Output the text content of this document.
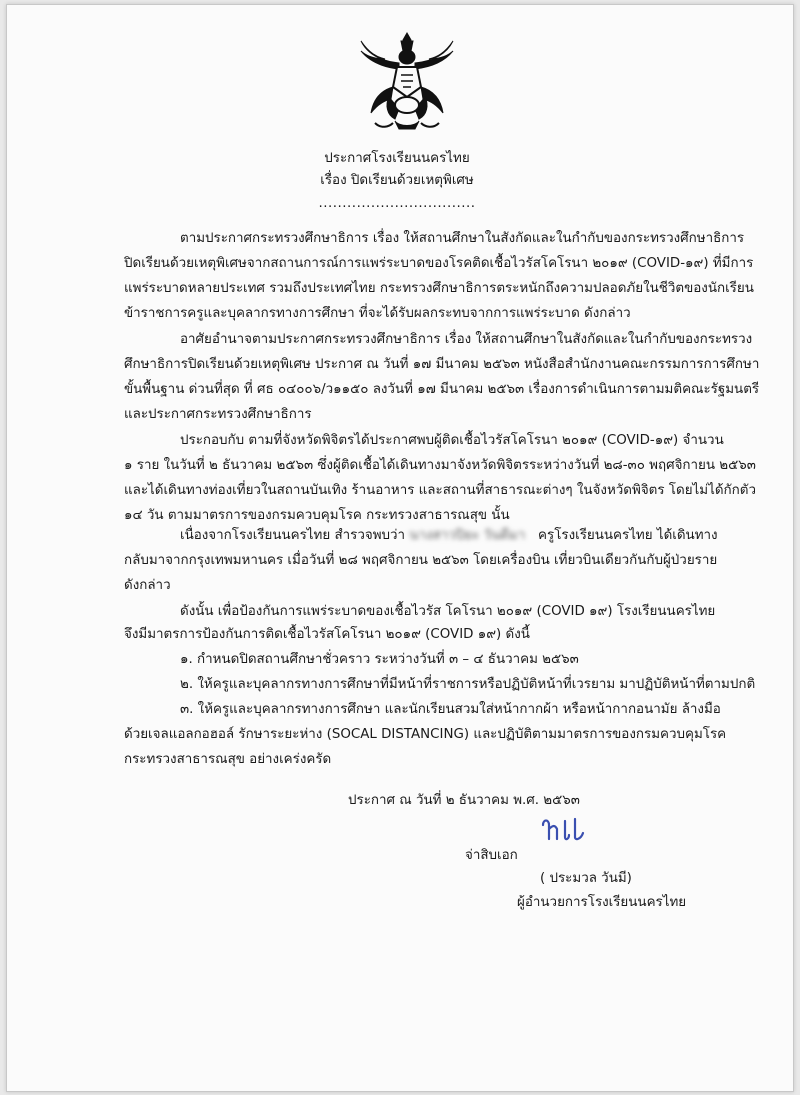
ประกาศโรงเรียนนครไทย
เรื่อง ปิดเรียนด้วยเหตุพิเศษ
.................................
ตามประกาศกระทรวงศึกษาธิการ เรื่อง ให้สถานศึกษาในสังกัดและในกำกับของกระทรวงศึกษาธิการ
ปิดเรียนด้วยเหตุพิเศษจากสถานการณ์การแพร่ระบาดของโรคติดเชื้อไวรัสโคโรนา ๒๐๑๙ (COVID-๑๙) ที่มีการ
แพร่ระบาดหลายประเทศ รวมถึงประเทศไทย กระทรวงศึกษาธิการตระหนักถึงความปลอดภัยในชีวิตของนักเรียน
ข้าราชการครูและบุคลากรทางการศึกษา ที่จะได้รับผลกระทบจากการแพร่ระบาด ดังกล่าว
อาศัยอำนาจตามประกาศกระทรวงศึกษาธิการ เรื่อง ให้สถานศึกษาในสังกัดและในกำกับของกระทรวง
ศึกษาธิการปิดเรียนด้วยเหตุพิเศษ ประกาศ ณ วันที่ ๑๗ มีนาคม ๒๕๖๓ หนังสือสำนักงานคณะกรรมการการศึกษา
ขั้นพื้นฐาน ด่วนที่สุด ที่ ศธ ๐๔๐๐๖/ว๑๑๕๐ ลงวันที่ ๑๗ มีนาคม ๒๕๖๓ เรื่องการดำเนินการตามมติคณะรัฐมนตรี
และประกาศกระทรวงศึกษาธิการ
ประกอบกับ ตามที่จังหวัดพิจิตรได้ประกาศพบผู้ติดเชื้อไวรัสโคโรนา ๒๐๑๙ (COVID-๑๙) จำนวน
๑ ราย ในวันที่ ๒ ธันวาคม ๒๕๖๓ ซึ่งผู้ติดเชื้อได้เดินทางมาจังหวัดพิจิตรระหว่างวันที่ ๒๘-๓๐ พฤศจิกายน ๒๕๖๓
และได้เดินทางท่องเที่ยวในสถานบันเทิง ร้านอาหาร และสถานที่สาธารณะต่างๆ ในจังหวัดพิจิตร โดยไม่ได้กักตัว
๑๔ วัน ตามมาตรการของกรมควบคุมโรค กระทรวงสาธารณสุข นั้น
เนื่องจากโรงเรียนนครไทย สำรวจพบว่า นางสาวปิยะ วันดีมา ครูโรงเรียนนครไทย ได้เดินทาง
กลับมาจากกรุงเทพมหานคร เมื่อวันที่ ๒๘ พฤศจิกายน ๒๕๖๓ โดยเครื่องบิน เที่ยวบินเดียวกันกับผู้ป่วยราย
ดังกล่าว
ดังนั้น เพื่อป้องกันการแพร่ระบาดของเชื้อไวรัส โคโรนา ๒๐๑๙ (COVID ๑๙) โรงเรียนนครไทย
จึงมีมาตรการป้องกันการติดเชื้อไวรัสโคโรนา ๒๐๑๙ (COVID ๑๙) ดังนี้
๑. กำหนดปิดสถานศึกษาชั่วคราว ระหว่างวันที่ ๓ – ๔ ธันวาคม ๒๕๖๓
๒. ให้ครูและบุคลากรทางการศึกษาที่มีหน้าที่ราชการหรือปฏิบัติหน้าที่เวรยาม มาปฏิบัติหน้าที่ตามปกติ
๓. ให้ครูและบุคลากรทางการศึกษา และนักเรียนสวมใส่หน้ากากผ้า หรือหน้ากากอนามัย ล้างมือ
ด้วยเจลแอลกอฮอล์ รักษาระยะห่าง (SOCAL DISTANCING) และปฏิบัติตามมาตรการของกรมควบคุมโรค
กระทรวงสาธารณสุข อย่างเคร่งครัด
ประกาศ ณ วันที่ ๒ ธันวาคม พ.ศ. ๒๕๖๓
จ่าสิบเอก
( ประมวล วันมี)
ผู้อำนวยการโรงเรียนนครไทย
